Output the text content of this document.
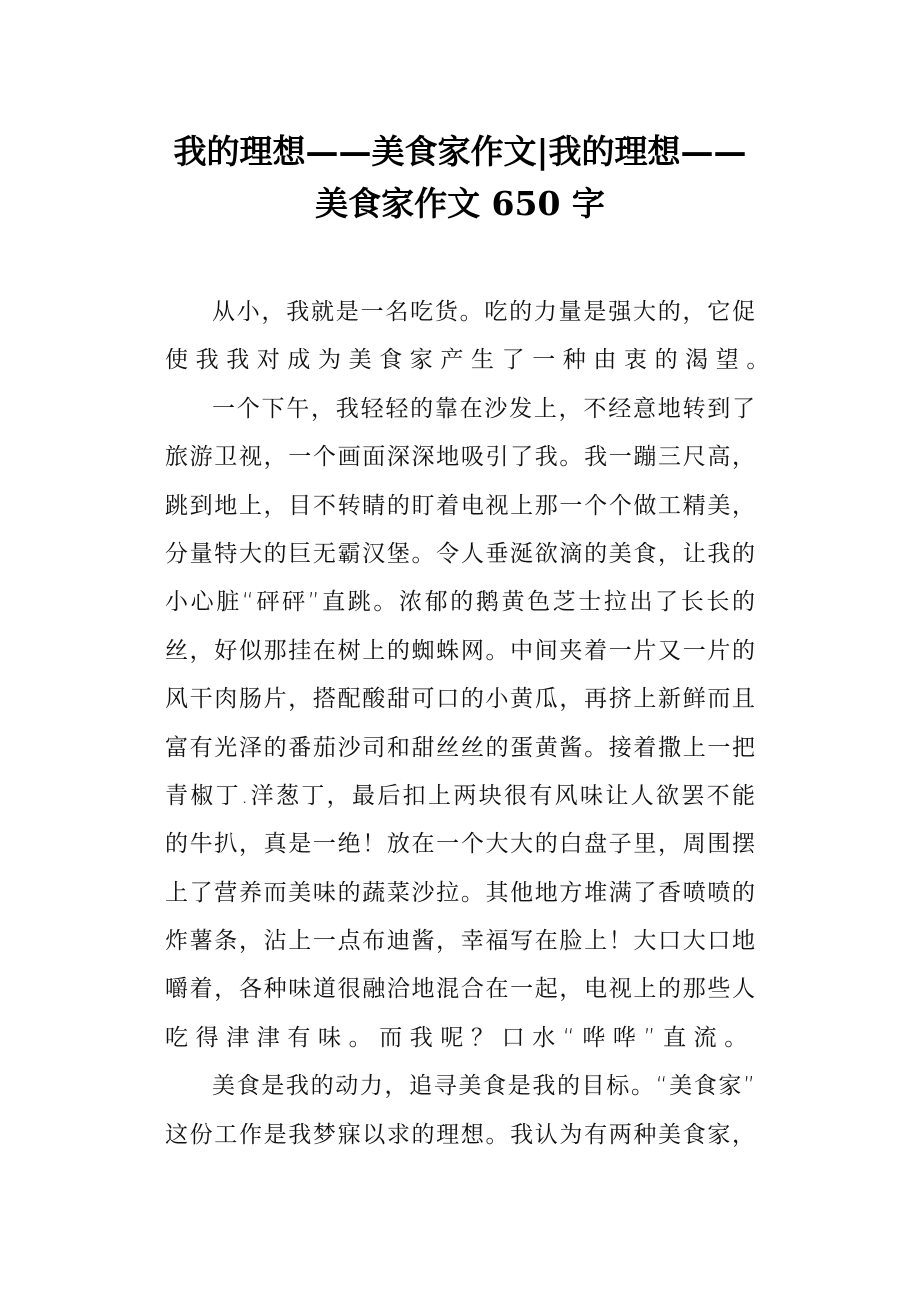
我的理想——美食家作文|我的理想——
美食家作文 650 字
从小，我就是一名吃货。吃的力量是强大的，它促
使我我对成为美食家产生了一种由衷的渴望。
一个下午，我轻轻的靠在沙发上，不经意地转到了
旅游卫视，一个画面深深地吸引了我。我一蹦三尺高，
跳到地上，目不转睛的盯着电视上那一个个做工精美，
分量特大的巨无霸汉堡。令人垂涎欲滴的美食，让我的
小心脏“砰砰”直跳。浓郁的鹅黄色芝士拉出了长长的
丝，好似那挂在树上的蜘蛛网。中间夹着一片又一片的
风干肉肠片，搭配酸甜可口的小黄瓜，再挤上新鲜而且
富有光泽的番茄沙司和甜丝丝的蛋黄酱。接着撒上一把
青椒丁.洋葱丁，最后扣上两块很有风味让人欲罢不能
的牛扒，真是一绝！放在一个大大的白盘子里，周围摆
上了营养而美味的蔬菜沙拉。其他地方堆满了香喷喷的
炸薯条，沾上一点布迪酱，幸福写在脸上！大口大口地
嚼着，各种味道很融洽地混合在一起，电视上的那些人
吃得津津有味。而我呢？口水“哗哗”直流。
美食是我的动力，追寻美食是我的目标。“美食家”
这份工作是我梦寐以求的理想。我认为有两种美食家，
